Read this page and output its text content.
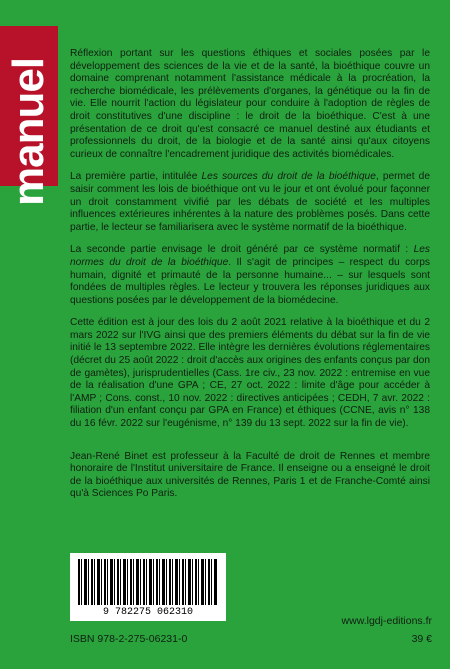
manuel

Réflexion portant sur les questions éthiques et sociales posées par le développement des sciences de la vie et de la santé, la bioéthique couvre un domaine comprenant notamment l'assistance médicale à la procréation, la recherche biomédicale, les prélèvements d'organes, la génétique ou la fin de vie. Elle nourrit l'action du législateur pour conduire à l'adoption de règles de droit constitutives d'une discipline : le droit de la bioéthique. C'est à une présentation de ce droit qu'est consacré ce manuel destiné aux étudiants et professionnels du droit, de la biologie et de la santé ainsi qu'aux citoyens curieux de connaître l'encadrement juridique des activités biomédicales.

La première partie, intitulée Les sources du droit de la bioéthique, permet de saisir comment les lois de bioéthique ont vu le jour et ont évolué pour façonner un droit constamment vivifié par les débats de société et les multiples influences extérieures inhérentes à la nature des problèmes posés. Dans cette partie, le lecteur se familiarisera avec le système normatif de la bioéthique.

La seconde partie envisage le droit généré par ce système normatif : Les normes du droit de la bioéthique. Il s'agit de principes – respect du corps humain, dignité et primauté de la personne humaine... – sur lesquels sont fondées de multiples règles. Le lecteur y trouvera les réponses juridiques aux questions posées par le développement de la biomédecine.

Cette édition est à jour des lois du 2 août 2021 relative à la bioéthique et du 2 mars 2022 sur l'IVG ainsi que des premiers éléments du débat sur la fin de vie initié le 13 septembre 2022. Elle intègre les dernières évolutions réglementaires (décret du 25 août 2022 : droit d'accès aux origines des enfants conçus par don de gamètes), jurisprudentielles (Cass. 1re civ., 23 nov. 2022 : entremise en vue de la réalisation d'une GPA ; CE, 27 oct. 2022 : limite d'âge pour accéder à l'AMP ; Cons. const., 10 nov. 2022 : directives anticipées ; CEDH, 7 avr. 2022 : filiation d'un enfant conçu par GPA en France) et éthiques (CCNE, avis n° 138 du 16 févr. 2022 sur l'eugénisme, n° 139 du 13 sept. 2022 sur la fin de vie).

Jean-René Binet est professeur à la Faculté de droit de Rennes et membre honoraire de l'Institut universitaire de France. Il enseigne ou a enseigné le droit de la bioéthique aux universités de Rennes, Paris 1 et de Franche-Comté ainsi qu'à Sciences Po Paris.

9 782275 062310
www.lgdj-editions.fr
ISBN 978-2-275-06231-0	39 €
